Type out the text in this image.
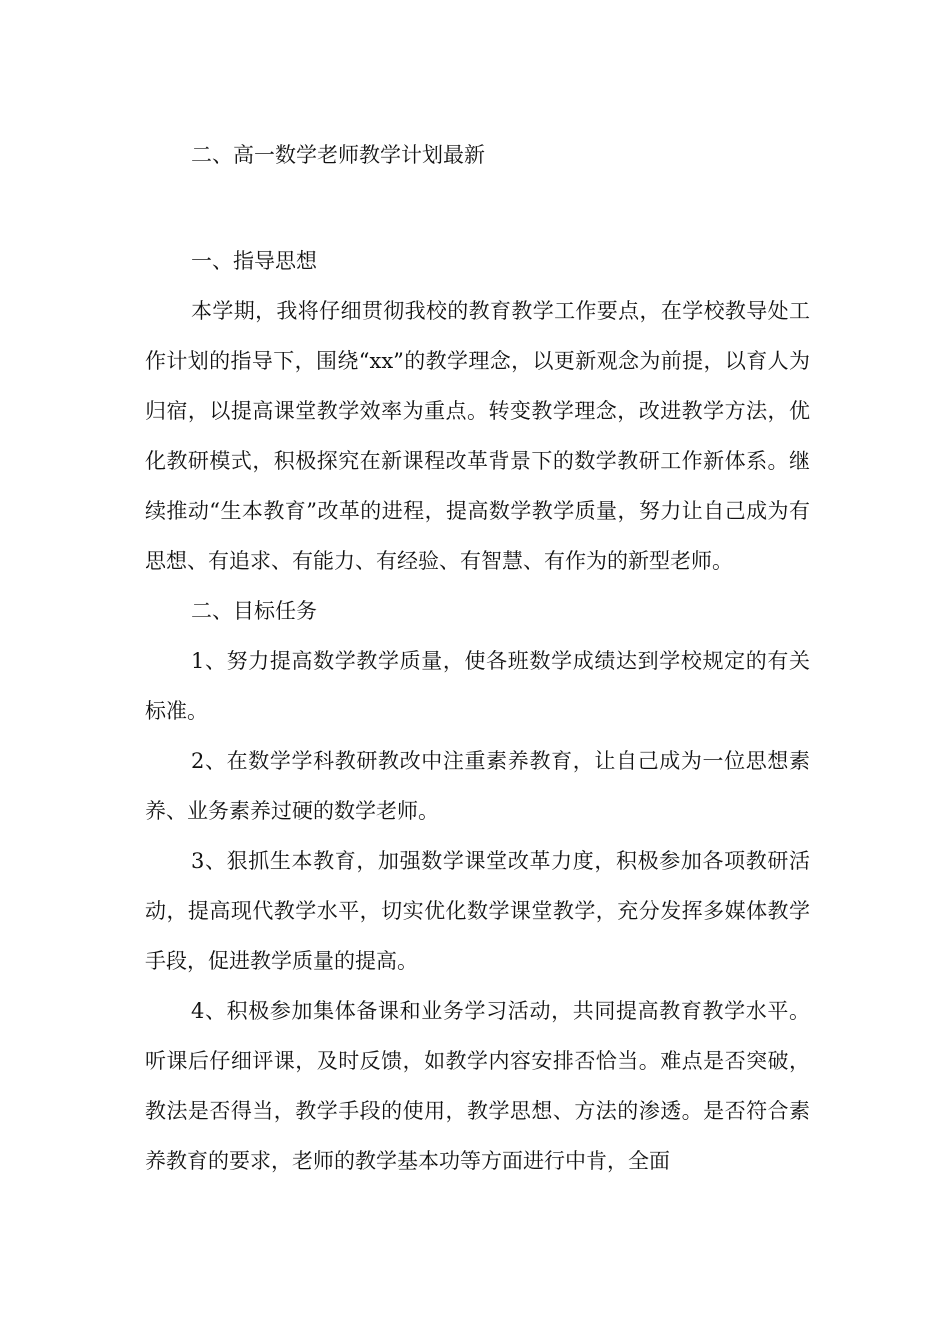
二、高一数学老师教学计划最新
一、指导思想

本学期，我将仔细贯彻我校的教育教学工作要点，在学校教导处工作计划的指导下，围绕“xx”的教学理念，以更新观念为前提，以育人为归宿，以提高课堂教学效率为重点。转变教学理念，改进教学方法，优化教研模式，积极探究在新课程改革背景下的数学教研工作新体系。继续推动“生本教育”改革的进程，提高数学教学质量，努力让自己成为有思想、有追求、有能力、有经验、有智慧、有作为的新型老师。

二、目标任务

1、努力提高数学教学质量，使各班数学成绩达到学校规定的有关标准。

2、在数学学科教研教改中注重素养教育，让自己成为一位思想素养、业务素养过硬的数学老师。

3、狠抓生本教育，加强数学课堂改革力度，积极参加各项教研活动，提高现代教学水平，切实优化数学课堂教学，充分发挥多媒体教学手段，促进教学质量的提高。

4、积极参加集体备课和业务学习活动，共同提高教育教学水平。听课后仔细评课，及时反馈，如教学内容安排否恰当。难点是否突破，教法是否得当，教学手段的使用，教学思想、方法的渗透。是否符合素养教育的要求，老师的教学基本功等方面进行中肯，全面
